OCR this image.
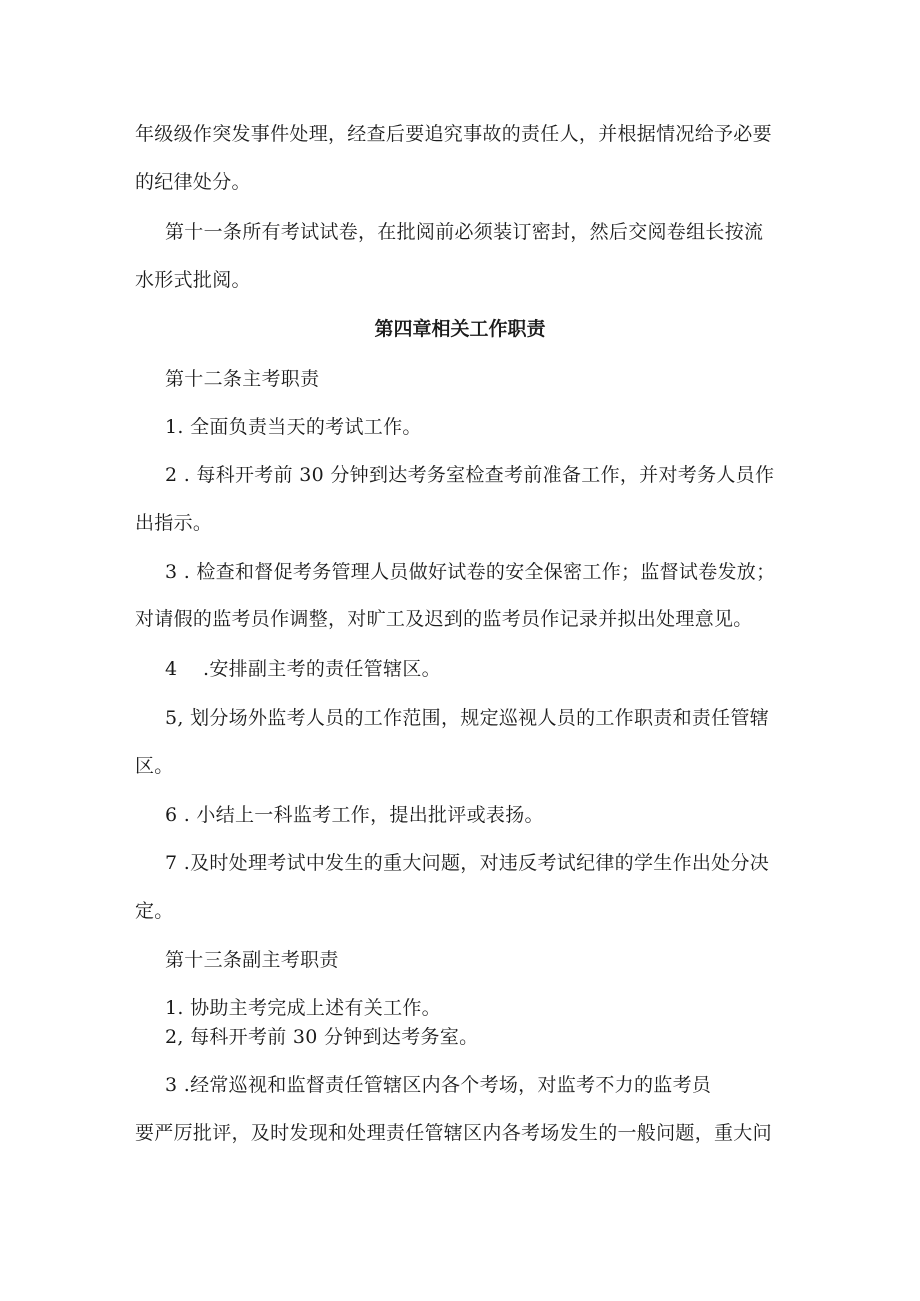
年级级作突发事件处理，经查后要追究事故的责任人，并根据情况给予必要
的纪律处分。
第十一条所有考试试卷，在批阅前必须装订密封，然后交阅卷组长按流
水形式批阅。
第四章相关工作职责
第十二条主考职责
1. 全面负责当天的考试工作。
2 . 每科开考前 30 分钟到达考务室检查考前准备工作，并对考务人员作
出指示。
3 . 检查和督促考务管理人员做好试卷的安全保密工作；监督试卷发放；
对请假的监考员作调整，对旷工及迟到的监考员作记录并拟出处理意见。
4 　.安排副主考的责任管辖区。
5, 划分场外监考人员的工作范围，规定巡视人员的工作职责和责任管辖
区。
6 . 小结上一科监考工作，提出批评或表扬。
7 .及时处理考试中发生的重大问题，对违反考试纪律的学生作出处分决
定。
第十三条副主考职责
1. 协助主考完成上述有关工作。
2, 每科开考前 30 分钟到达考务室。
3 .经常巡视和监督责任管辖区内各个考场，对监考不力的监考员
要严厉批评，及时发现和处理责任管辖区内各考场发生的一般问题，重大问
